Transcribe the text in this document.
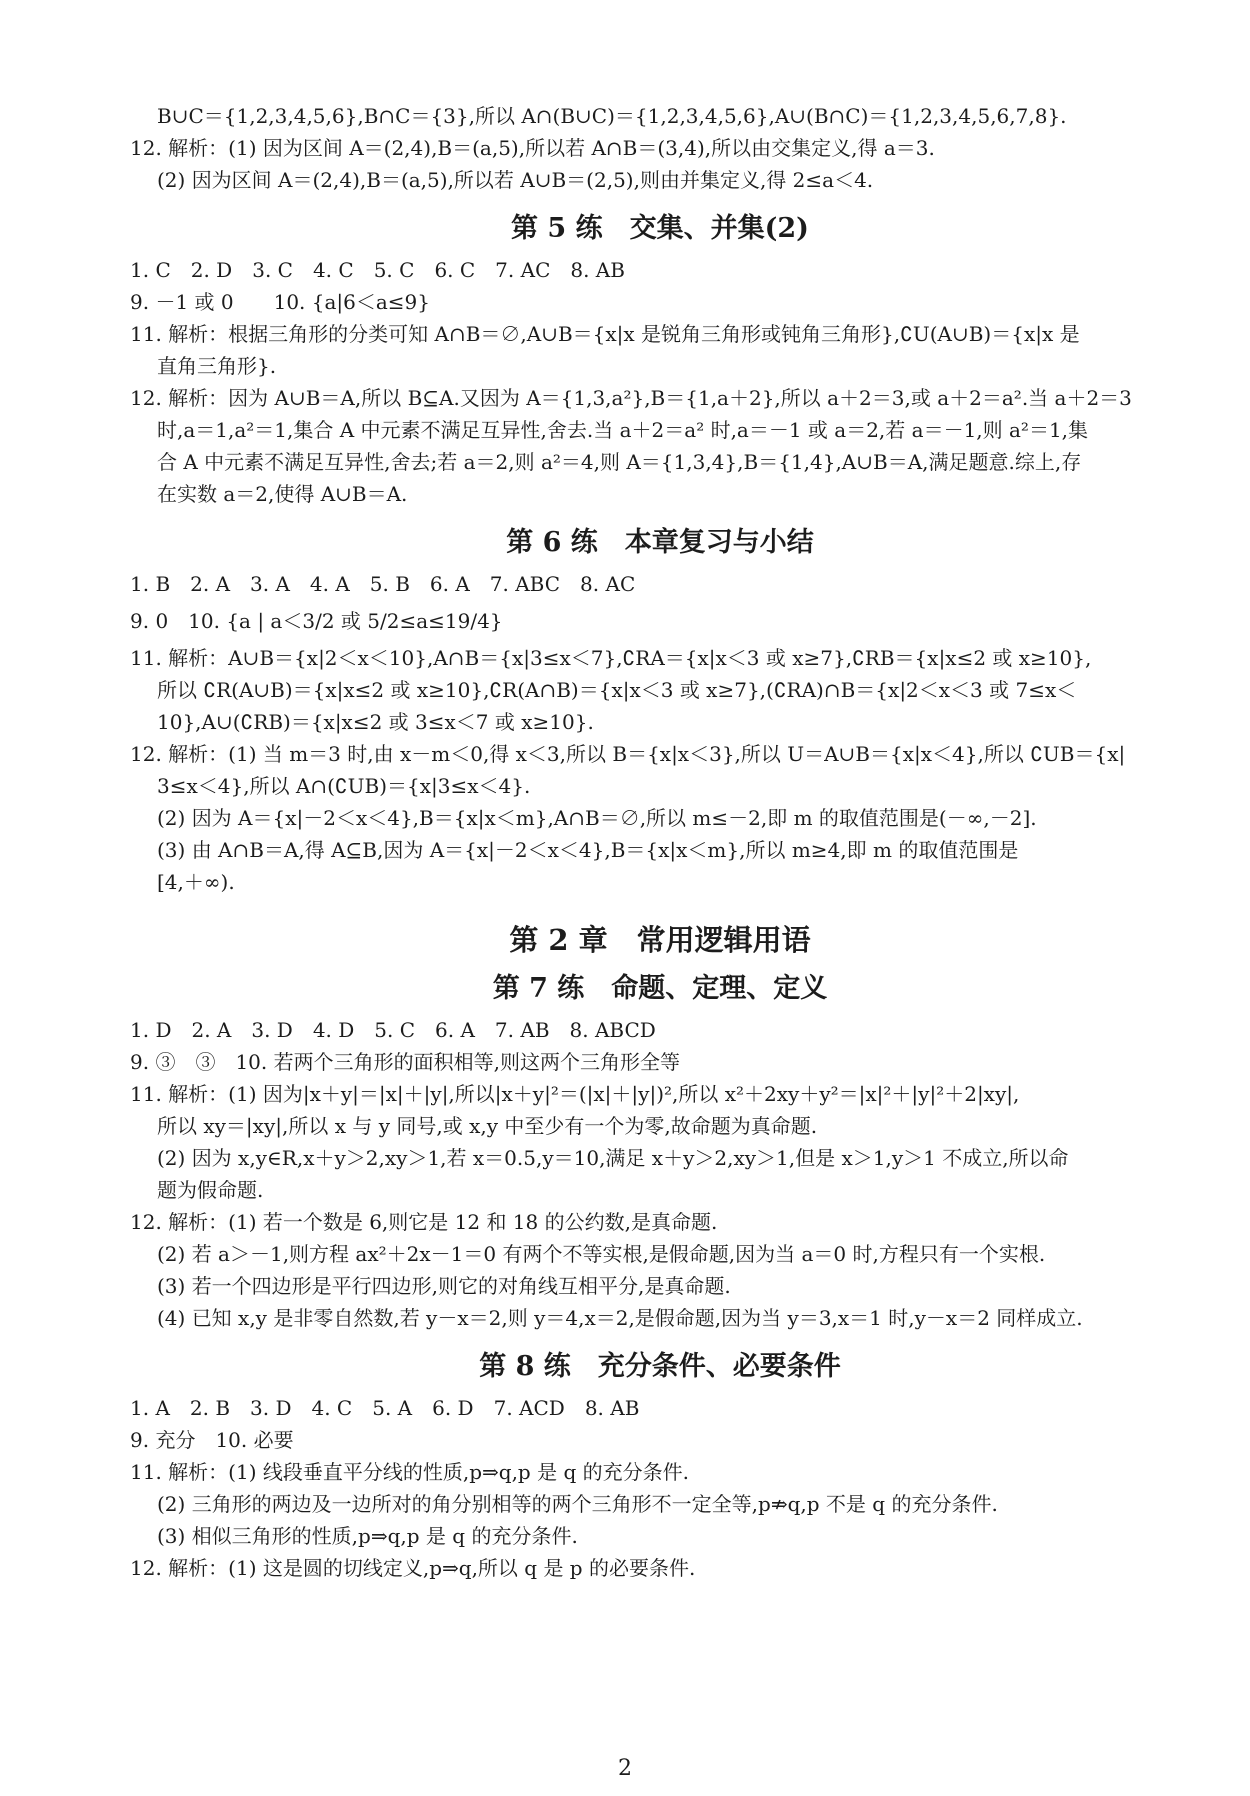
B∪C＝{1,2,3,4,5,6},B∩C＝{3},所以 A∩(B∪C)＝{1,2,3,4,5,6},A∪(B∩C)＝{1,2,3,4,5,6,7,8}.
12. 解析：(1) 因为区间 A＝(2,4),B＝(a,5),所以若 A∩B＝(3,4),所以由交集定义,得 a＝3.
(2) 因为区间 A＝(2,4),B＝(a,5),所以若 A∪B＝(2,5),则由并集定义,得 2≤a＜4.
第 5 练　交集、并集(2)
1. C　2. D　3. C　4. C　5. C　6. C　7. AC　8. AB
9. －1 或 0　　10. {a|6＜a≤9}
11. 解析：根据三角形的分类可知 A∩B＝∅,A∪B＝{x|x 是锐角三角形或钝角三角形},∁U(A∪B)＝{x|x 是
直角三角形}.
12. 解析：因为 A∪B＝A,所以 B⊆A.又因为 A＝{1,3,a²},B＝{1,a＋2},所以 a＋2＝3,或 a＋2＝a².当 a＋2＝3
时,a＝1,a²＝1,集合 A 中元素不满足互异性,舍去.当 a＋2＝a² 时,a＝－1 或 a＝2,若 a＝－1,则 a²＝1,集
合 A 中元素不满足互异性,舍去;若 a＝2,则 a²＝4,则 A＝{1,3,4},B＝{1,4},A∪B＝A,满足题意.综上,存
在实数 a＝2,使得 A∪B＝A.
第 6 练　本章复习与小结
1. B　2. A　3. A　4. A　5. B　6. A　7. ABC　8. AC
9. 0　10. {a | a＜3/2 或 5/2≤a≤19/4}
11. 解析：A∪B＝{x|2＜x＜10},A∩B＝{x|3≤x＜7},∁RA＝{x|x＜3 或 x≥7},∁RB＝{x|x≤2 或 x≥10},
所以 ∁R(A∪B)＝{x|x≤2 或 x≥10},∁R(A∩B)＝{x|x＜3 或 x≥7},(∁RA)∩B＝{x|2＜x＜3 或 7≤x＜
10},A∪(∁RB)＝{x|x≤2 或 3≤x＜7 或 x≥10}.
12. 解析：(1) 当 m＝3 时,由 x－m＜0,得 x＜3,所以 B＝{x|x＜3},所以 U＝A∪B＝{x|x＜4},所以 ∁UB＝{x|
3≤x＜4},所以 A∩(∁UB)＝{x|3≤x＜4}.
(2) 因为 A＝{x|－2＜x＜4},B＝{x|x＜m},A∩B＝∅,所以 m≤－2,即 m 的取值范围是(－∞,－2].
(3) 由 A∩B＝A,得 A⊆B,因为 A＝{x|－2＜x＜4},B＝{x|x＜m},所以 m≥4,即 m 的取值范围是
[4,＋∞).
第 2 章　常用逻辑用语
第 7 练　命题、定理、定义
1. D　2. A　3. D　4. D　5. C　6. A　7. AB　8. ABCD
9. ③　③　10. 若两个三角形的面积相等,则这两个三角形全等
11. 解析：(1) 因为|x＋y|＝|x|＋|y|,所以|x＋y|²＝(|x|＋|y|)²,所以 x²＋2xy＋y²＝|x|²＋|y|²＋2|xy|,
所以 xy＝|xy|,所以 x 与 y 同号,或 x,y 中至少有一个为零,故命题为真命题.
(2) 因为 x,y∈R,x＋y＞2,xy＞1,若 x＝0.5,y＝10,满足 x＋y＞2,xy＞1,但是 x＞1,y＞1 不成立,所以命
题为假命题.
12. 解析：(1) 若一个数是 6,则它是 12 和 18 的公约数,是真命题.
(2) 若 a＞－1,则方程 ax²＋2x－1＝0 有两个不等实根,是假命题,因为当 a＝0 时,方程只有一个实根.
(3) 若一个四边形是平行四边形,则它的对角线互相平分,是真命题.
(4) 已知 x,y 是非零自然数,若 y－x＝2,则 y＝4,x＝2,是假命题,因为当 y＝3,x＝1 时,y－x＝2 同样成立.
第 8 练　充分条件、必要条件
1. A　2. B　3. D　4. C　5. A　6. D　7. ACD　8. AB
9. 充分　10. 必要
11. 解析：(1) 线段垂直平分线的性质,p⇒q,p 是 q 的充分条件.
(2) 三角形的两边及一边所对的角分别相等的两个三角形不一定全等,p⇏q,p 不是 q 的充分条件.
(3) 相似三角形的性质,p⇒q,p 是 q 的充分条件.
12. 解析：(1) 这是圆的切线定义,p⇒q,所以 q 是 p 的必要条件.
2
